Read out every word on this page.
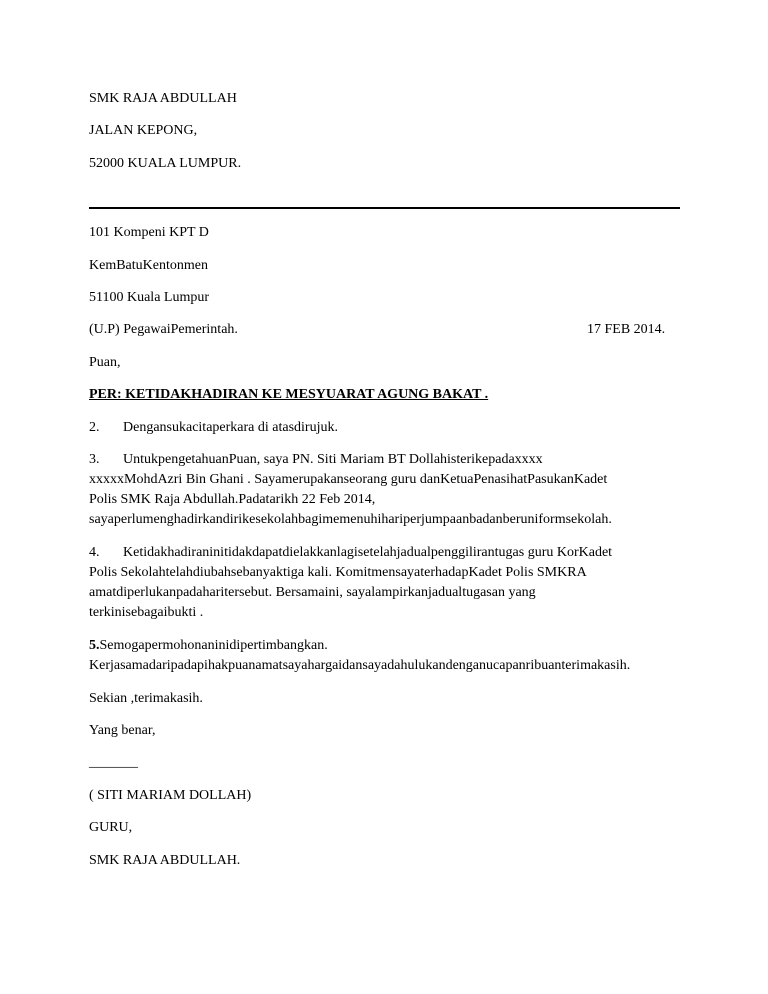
SMK RAJA ABDULLAH
JALAN KEPONG,
52000 KUALA LUMPUR.
101 Kompeni KPT D
KemBatuKentonmen
51100 Kuala Lumpur
(U.P) PegawaiPemerintah.	17 FEB 2014.
Puan,
PER: KETIDAKHADIRAN KE MESYUARAT AGUNG BAKAT .
2. Dengansukacitaperkara di atasdirujuk.
3. UntukpengetahuanPuan, saya PN. Siti Mariam BT Dollahisterikepadaxxxx
xxxxxMohdAzri Bin Ghani . Sayamerupakanseorang guru danKetuaPenasihatPasukanKadet
Polis SMK Raja Abdullah.Padatarikh 22 Feb 2014,
sayaperlumenghadirkandirikesekolahbagimemenuhiharipe​rjumpaanbadanberuniformsekolah.
4. Ketidakhadiraninitidakdapatdielakkanlagisetelahjadualpenggilirantugas guru KorKadet
Polis Sekolahtelahdiubahsebanyaktiga kali. KomitmensayaterhadapKadet Polis SMKRA
amatdiperlukanpadaharitersebut. Bersamaini, sayalampirkanjadualtugasan yang
terkinisebagaibukti .
5.Semogapermohonaninidipertimbangkan.
Kerjasamadaripadapihakpuanamatsayahargaidansayadahulukandenganucapanribuanterimakasih.
Sekian ,terimakasih.
Yang benar,
_______
( SITI MARIAM DOLLAH)
GURU,
SMK RAJA ABDULLAH.
